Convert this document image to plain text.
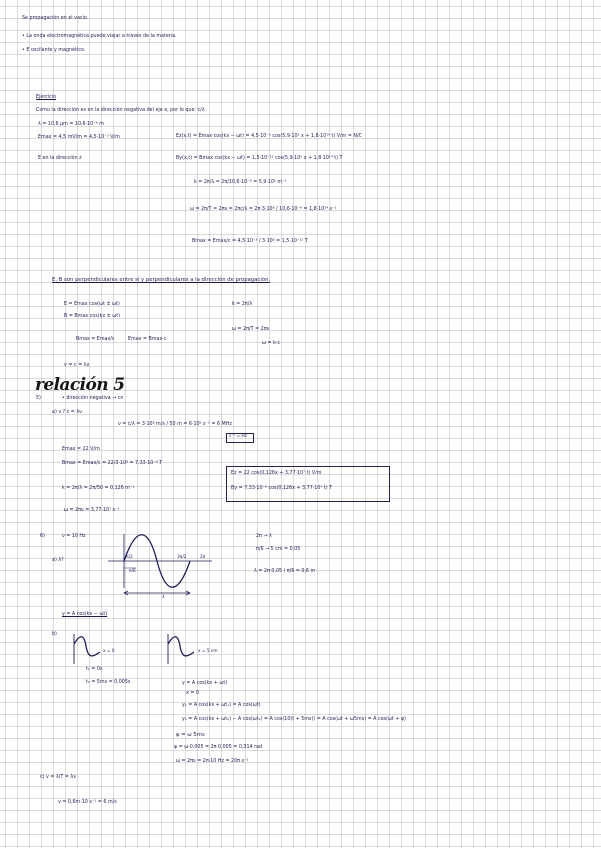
Se propagación en el vacío.
• La onda electromagnética puede viajar a través de la materia.
• E oscilante y magnético.
Ejercicio
Como la dirección es en la dirección negativa del eje x, por lo que: c/λ
λ = 10,6 µm = 10,6·10⁻⁶ m
Emax = 4,5 mV/m = 4,5·10⁻³ V/m	Ez(x,t) = Emax cos(kx − ωt) = 4,5·10⁻³ cos(5,9·10⁵ x + 1,8·10¹⁴ t) V/m = N/C
E en la dirección z	By(x,t) = Bmax cos(kx − ωt) = 1,5·10⁻¹¹ cos(5,9·10⁵ x + 1,8·10¹⁴ t) T
k = 2π/λ = 2π/10,6·10⁻⁶ = 5,9·10⁵ m⁻¹
ω = 2π/T = 2πν = 2πc/λ = 2π·3·10⁸ / 10,6·10⁻⁶ = 1,8·10¹⁴ s⁻¹
Bmax = Emax/c = 4,5·10⁻³ / 3·10⁸ = 1,5·10⁻¹¹ T
E, B son perpendiculares entre sí y perpendiculares a la dirección de propagación.
E = Emax cos(ωt ± ωt)
B = Bmax cos(kx ± ωt)
k = 2π/λ
ω = 2π/T = 2πν
ω = k·c
Bmax = Emax/c	Emax = Bmax·c
v = c = λν
relación 5
5)	• dirección negativa → cn
a) ν ? c = λν
ν = c/λ = 3·10⁸ m/s / 50 m = 6·10⁶ s⁻¹ = 6 MHz
s⁻¹ = Hz
Emax = 22 V/m
Bmax = Emax/c = 22/3·10⁸ = 7,33·10⁻⁸ T
k = 2π/λ = 2π/50 = 0,126 m⁻¹
ω = 2πν = 3,77·10⁷ s⁻¹
Ez = 22 cos(0,126x + 3,77·10⁷ t) V/m
By = 7,33·10⁻⁸ cos(0,126x + 3,77·10⁷ t) T
6)	ν = 10 Hz
a) λ?
π/2	3π/2	2π
π/6
λ
2π → λ
π/6 → 5 cm = 0,05
λ = 2π·0,05 / π/6 = 0,6 m
y = A cos(kx − ωt)
b)
x = 0	x = 5 cm
t₁ = 0s
t₂ = 5ms = 0,005s	y = A cos(kx + ωt)
x = 0
y₁ = A cos(kx + ωt₁) = A cos(ωt)
y₂ = A cos(kx + ωt₂) − A cos(ωt₂) = A cos(10(t + 5ms)) = A cos(ωt + ω5ms) = A cos(ωt + φ)
φ = ω 5ms
φ = ω·0,005 = 2π·0,005 = 0,314 rad
ω = 2πν = 2π·10 Hz = 20π s⁻¹
c) v = λ/T = λν
v = 0,6m·10 s⁻¹ = 6 m/s
